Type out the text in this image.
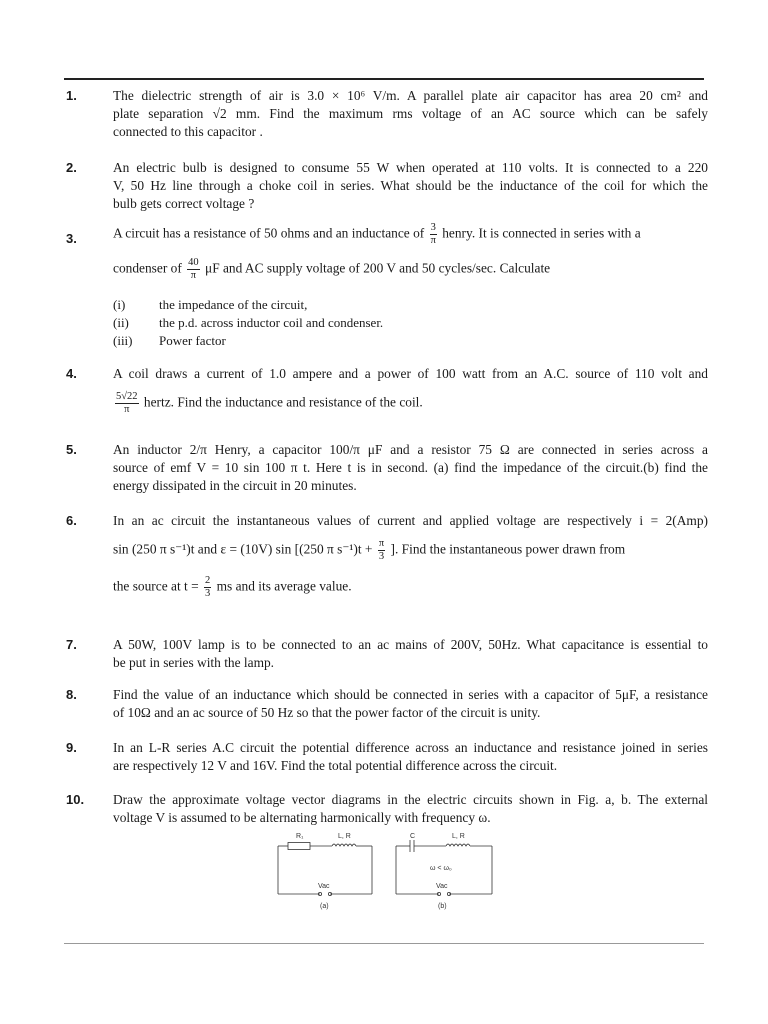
1.	The dielectric strength of air is 3.0 × 10⁶ V/m. A parallel plate air capacitor has area 20 cm² and
plate separation √2 mm. Find the maximum rms voltage of an AC source which can be safely
connected to this capacitor .
2.	An electric bulb is designed to consume 55 W when operated at 110 volts. It is connected to a 220
V, 50 Hz line through a choke coil in series. What should be the inductance of the coil for which the
bulb gets correct voltage ?
3.	A circuit has a resistance of 50 ohms and an inductance of $\frac{3}{\pi}$ henry. It is connected in series with a
condenser of $\frac{40}{\pi}$ μF and AC supply voltage of 200 V and 50 cycles/sec. Calculate
(i)	the impedance of the circuit,
(ii) the p.d. across inductor coil and condenser.
(iii) Power factor
4.	A coil draws a current of 1.0 ampere and a power of 100 watt from an A.C. source of 110 volt and
$\frac{5√22}{\pi}$ hertz. Find the inductance and resistance of the coil.
5.	An inductor 2/π Henry, a capacitor 100/π μF and a resistor 75 Ω are connected in series across a
source of emf V = 10 sin 100 π t. Here t is in second. (a) find the impedance of the circuit.(b) find the
energy dissipated in the circuit in 20 minutes.
6.	In an ac circuit the instantaneous values of current and applied voltage are respectively i = 2(Amp)
sin (250 π s⁻¹)t and ε = (10V) sin [(250 π $s^{-1})t + \frac{\pi}{3}$ ]. Find the instantaneous power drawn from
the source at $t = \frac{2}{3}$ ms and its average value.
7.	A 50W, 100V lamp is to be connected to an ac mains of 200V, 50Hz. What capacitance is essential to
be put in series with the lamp.
8.	Find the value of an inductance which should be connected in series with a capacitor of 5μF, a resistance
of 10Ω and an ac source of 50 Hz so that the power factor of the circuit is unity.
9.	In an L-R series A.C circuit the potential difference across an inductance and resistance joined in series
are respectively 12 V and 16V. Find the total potential difference across the circuit.
10. Draw the approximate voltage vector diagrams in the electric circuits shown in Fig. a, b. The external
voltage V is assumed to be alternating harmonically with frequency ω.
R₁	L, R
Vac
(a)
C	L, R
ω < ω₀
Vac
(b)
